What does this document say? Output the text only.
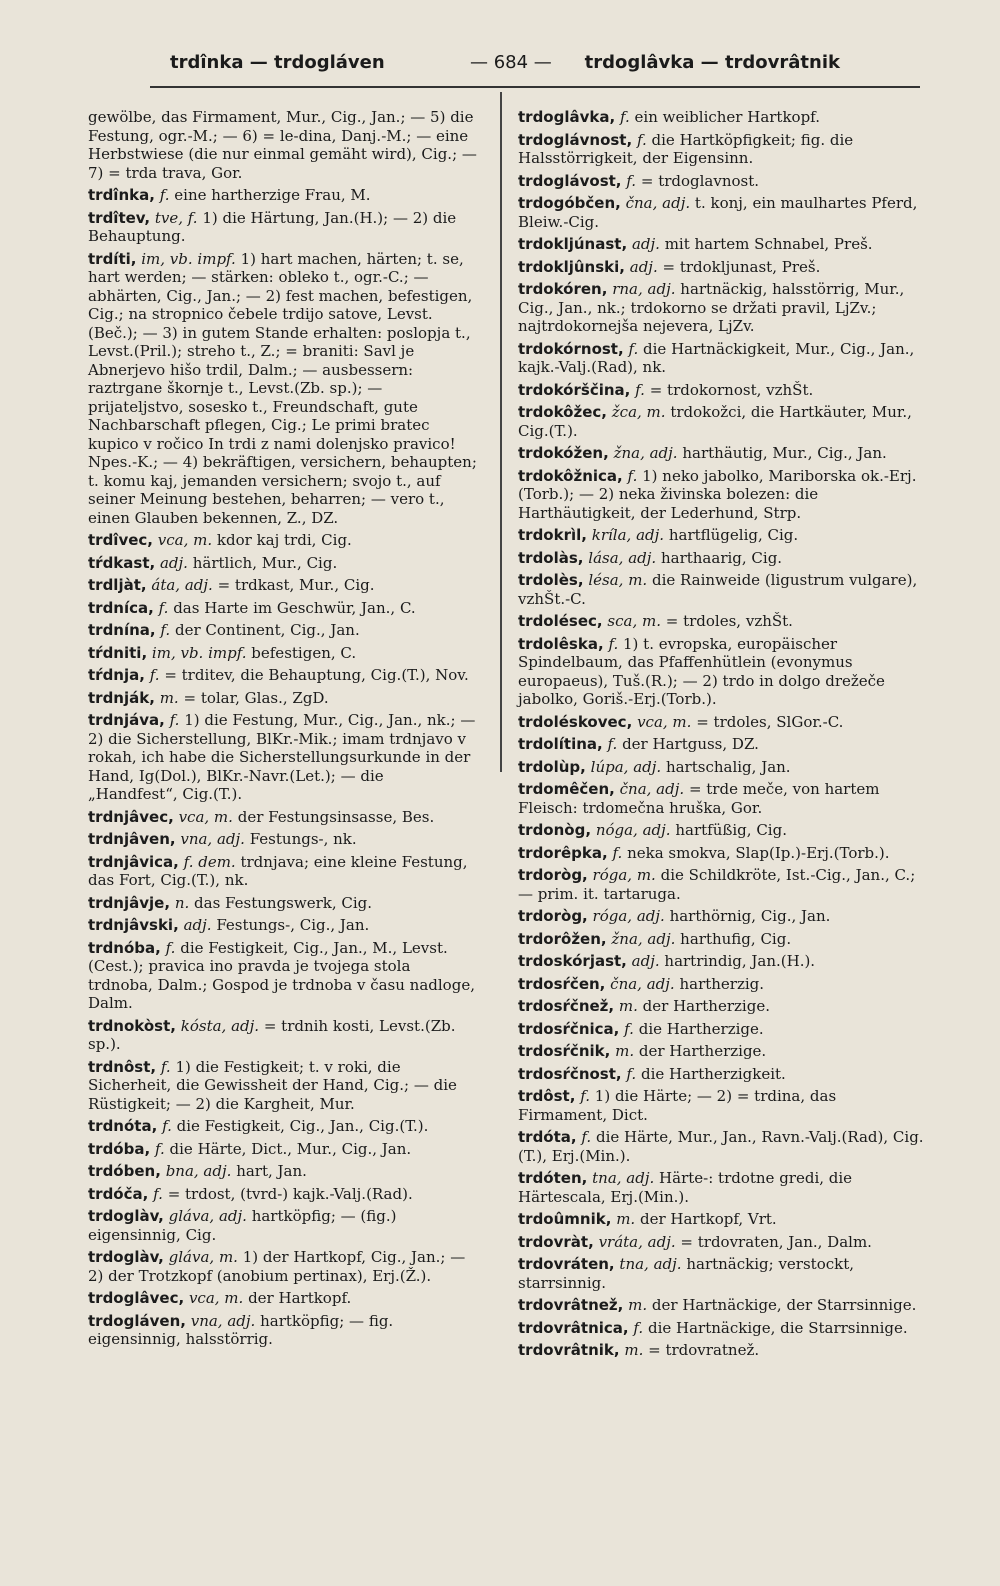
trdînka — trdogláven	— 684 — trdoglâvka — trdovrâtnik
gewölbe, das Firmament, Mur., Cig., Jan.; — 5) die Festung, ogr.-M.; — 6) = le-dina, Danj.-M.; — eine Herbstwiese (die nur einmal gemäht wird), Cig.; — 7) = trda trava, Gor.
trdînka, f. eine hartherzige Frau, M.
trdîtev, tve, f. 1) die Härtung, Jan.(H.); — 2) die Behauptung.
trdíti, im, vb. impf. 1) hart machen, härten; t. se, hart werden; — stärken: obleko t., ogr.-C.; — abhärten, Cig., Jan.; — 2) fest machen, befestigen, Cig.; na stropnico čebele trdijo satove, Levst.(Beč.); — 3) in gutem Stande erhalten: poslopja t., Levst.(Pril.); streho t., Z.; = braniti: Savl je Abnerjevo hišo trdil, Dalm.; — ausbessern: raztrgane škornje t., Levst.(Zb. sp.); — prijateljstvo, sosesko t., Freundschaft, gute Nachbarschaft pflegen, Cig.; Le primi bratec kupico v ročico In trdi z nami dolenjsko pravico! Npes.-K.; — 4) bekräftigen, versichern, behaupten; t. komu kaj, jemanden versichern; svojo t., auf seiner Meinung bestehen, beharren; — vero t., einen Glauben bekennen, Z., DZ.
trdîvec, vca, m. kdor kaj trdi, Cig.
tŕdkast, adj. härtlich, Mur., Cig.
trdljàt, áta, adj. = trdkast, Mur., Cig.
trdníca, f. das Harte im Geschwür, Jan., C.
trdnína, f. der Continent, Cig., Jan.
tŕdniti, im, vb. impf. befestigen, C.
tŕdnja, f. = trditev, die Behauptung, Cig.(T.), Nov.
trdnják, m. = tolar, Glas., ZgD.
trdnjáva, f. 1) die Festung, Mur., Cig., Jan., nk.; — 2) die Sicherstellung, BlKr.-Mik.; imam trdnjavo v rokah, ich habe die Sicherstellungsurkunde in der Hand, Ig(Dol.), BlKr.-Navr.(Let.); — die „Handfest“, Cig.(T.).
trdnjâvec, vca, m. der Festungsinsasse, Bes.
trdnjâven, vna, adj. Festungs-, nk.
trdnjâvica, f. dem. trdnjava; eine kleine Festung, das Fort, Cig.(T.), nk.
trdnjâvje, n. das Festungswerk, Cig.
trdnjâvski, adj. Festungs-, Cig., Jan.
trdnóba, f. die Festigkeit, Cig., Jan., M., Levst.(Cest.); pravica ino pravda je tvojega stola trdnoba, Dalm.; Gospod je trdnoba v času nadloge, Dalm.
trdnokòst, kósta, adj. = trdnih kosti, Levst.(Zb. sp.).
trdnôst, f. 1) die Festigkeit; t. v roki, die Sicherheit, die Gewissheit der Hand, Cig.; — die Rüstigkeit; — 2) die Kargheit, Mur.
trdnóta, f. die Festigkeit, Cig., Jan., Cig.(T.).
trdóba, f. die Härte, Dict., Mur., Cig., Jan.
trdóben, bna, adj. hart, Jan.
trdóča, f. = trdost, (tvrd-) kajk.-Valj.(Rad).
trdoglàv, gláva, adj. hartköpfig; — (fig.) eigensinnig, Cig.
trdoglàv, gláva, m. 1) der Hartkopf, Cig., Jan.; — 2) der Trotzkopf (anobium pertinax), Erj.(Ž.).
trdoglâvec, vca, m. der Hartkopf.
trdogláven, vna, adj. hartköpfig; — fig. eigensinnig, halsstörrig.
trdoglâvka, f. ein weiblicher Hartkopf.
trdoglávnost, f. die Hartköpfigkeit; fig. die Halsstörrigkeit, der Eigensinn.
trdoglávost, f. = trdoglavnost.
trdogóbčen, čna, adj. t. konj, ein maulhartes Pferd, Bleiw.-Cig.
trdokljúnast, adj. mit hartem Schnabel, Preš.
trdokljûnski, adj. = trdokljunast, Preš.
trdokóren, rna, adj. hartnäckig, halsstörrig, Mur., Cig., Jan., nk.; trdokorno se držati pravil, LjZv.; najtrdokornejša nejevera, LjZv.
trdokórnost, f. die Hartnäckigkeit, Mur., Cig., Jan., kajk.-Valj.(Rad), nk.
trdokórščina, f. = trdokornost, vzhŠt.
trdokôžec, žca, m. trdokožci, die Hartkäuter, Mur., Cig.(T.).
trdokóžen, žna, adj. harthäutig, Mur., Cig., Jan.
trdokôžnica, f. 1) neko jabolko, Mariborska ok.-Erj.(Torb.); — 2) neka živinska bolezen: die Harthäutigkeit, der Lederhund, Strp.
trdokrìl, kríla, adj. hartflügelig, Cig.
trdolàs, lása, adj. harthaarig, Cig.
trdolès, lésa, m. die Rainweide (ligustrum vulgare), vzhŠt.-C.
trdolésec, sca, m. = trdoles, vzhŠt.
trdolêska, f. 1) t. evropska, europäischer Spindelbaum, das Pfaffenhütlein (evonymus europaeus), Tuš.(R.); — 2) trdo in dolgo drežeče jabolko, Goriš.-Erj.(Torb.).
trdoléskovec, vca, m. = trdoles, SlGor.-C.
trdolítina, f. der Hartguss, DZ.
trdolùp, lúpa, adj. hartschalig, Jan.
trdomêčen, čna, adj. = trde meče, von hartem Fleisch: trdomečna hruška, Gor.
trdonòg, nóga, adj. hartfüßig, Cig.
trdorêpka, f. neka smokva, Slap(Ip.)-Erj.(Torb.).
trdoròg, róga, m. die Schildkröte, Ist.-Cig., Jan., C.; — prim. it. tartaruga.
trdoròg, róga, adj. harthörnig, Cig., Jan.
trdorôžen, žna, adj. harthufig, Cig.
trdoskórjast, adj. hartrindig, Jan.(H.).
trdosŕčen, čna, adj. hartherzig.
trdosŕčnež, m. der Hartherzige.
trdosŕčnica, f. die Hartherzige.
trdosŕčnik, m. der Hartherzige.
trdosŕčnost, f. die Hartherzigkeit.
trdôst, f. 1) die Härte; — 2) = trdina, das Firmament, Dict.
trdóta, f. die Härte, Mur., Jan., Ravn.-Valj.(Rad), Cig.(T.), Erj.(Min.).
trdóten, tna, adj. Härte-: trdotne gredi, die Härtescala, Erj.(Min.).
trdoûmnik, m. der Hartkopf, Vrt.
trdovràt, vráta, adj. = trdovraten, Jan., Dalm.
trdovráten, tna, adj. hartnäckig; verstockt, starrsinnig.
trdovrâtnež, m. der Hartnäckige, der Starrsinnige.
trdovrâtnica, f. die Hartnäckige, die Starrsinnige.
trdovrâtnik, m. = trdovratnež.
